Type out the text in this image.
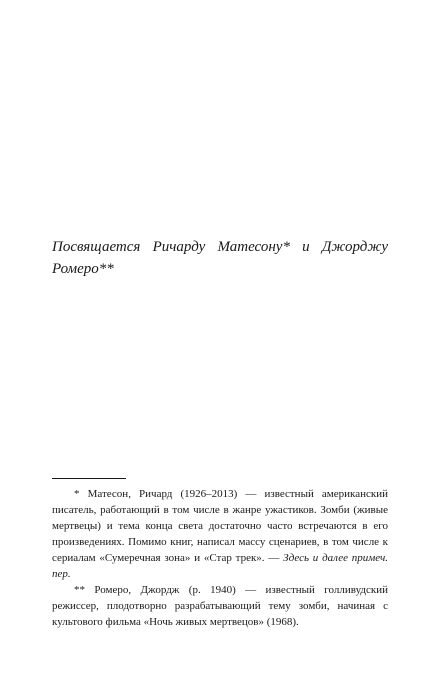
Посвящается Ричарду Матесону* и Джорджу Ромеро**

* Матесон, Ричард (1926–2013) — известный американский писатель, работающий в том числе в жанре ужастиков. Зомби (живые мертвецы) и тема конца света достаточно часто встречаются в его произведениях. Помимо книг, написал массу сценариев, в том числе к сериалам «Сумеречная зона» и «Стар трек». — Здесь и далее примеч. пер.

** Ромеро, Джордж (р. 1940) — известный голливудский режиссер, плодотворно разрабатывающий тему зомби, начиная с культового фильма «Ночь живых мертвецов» (1968).
